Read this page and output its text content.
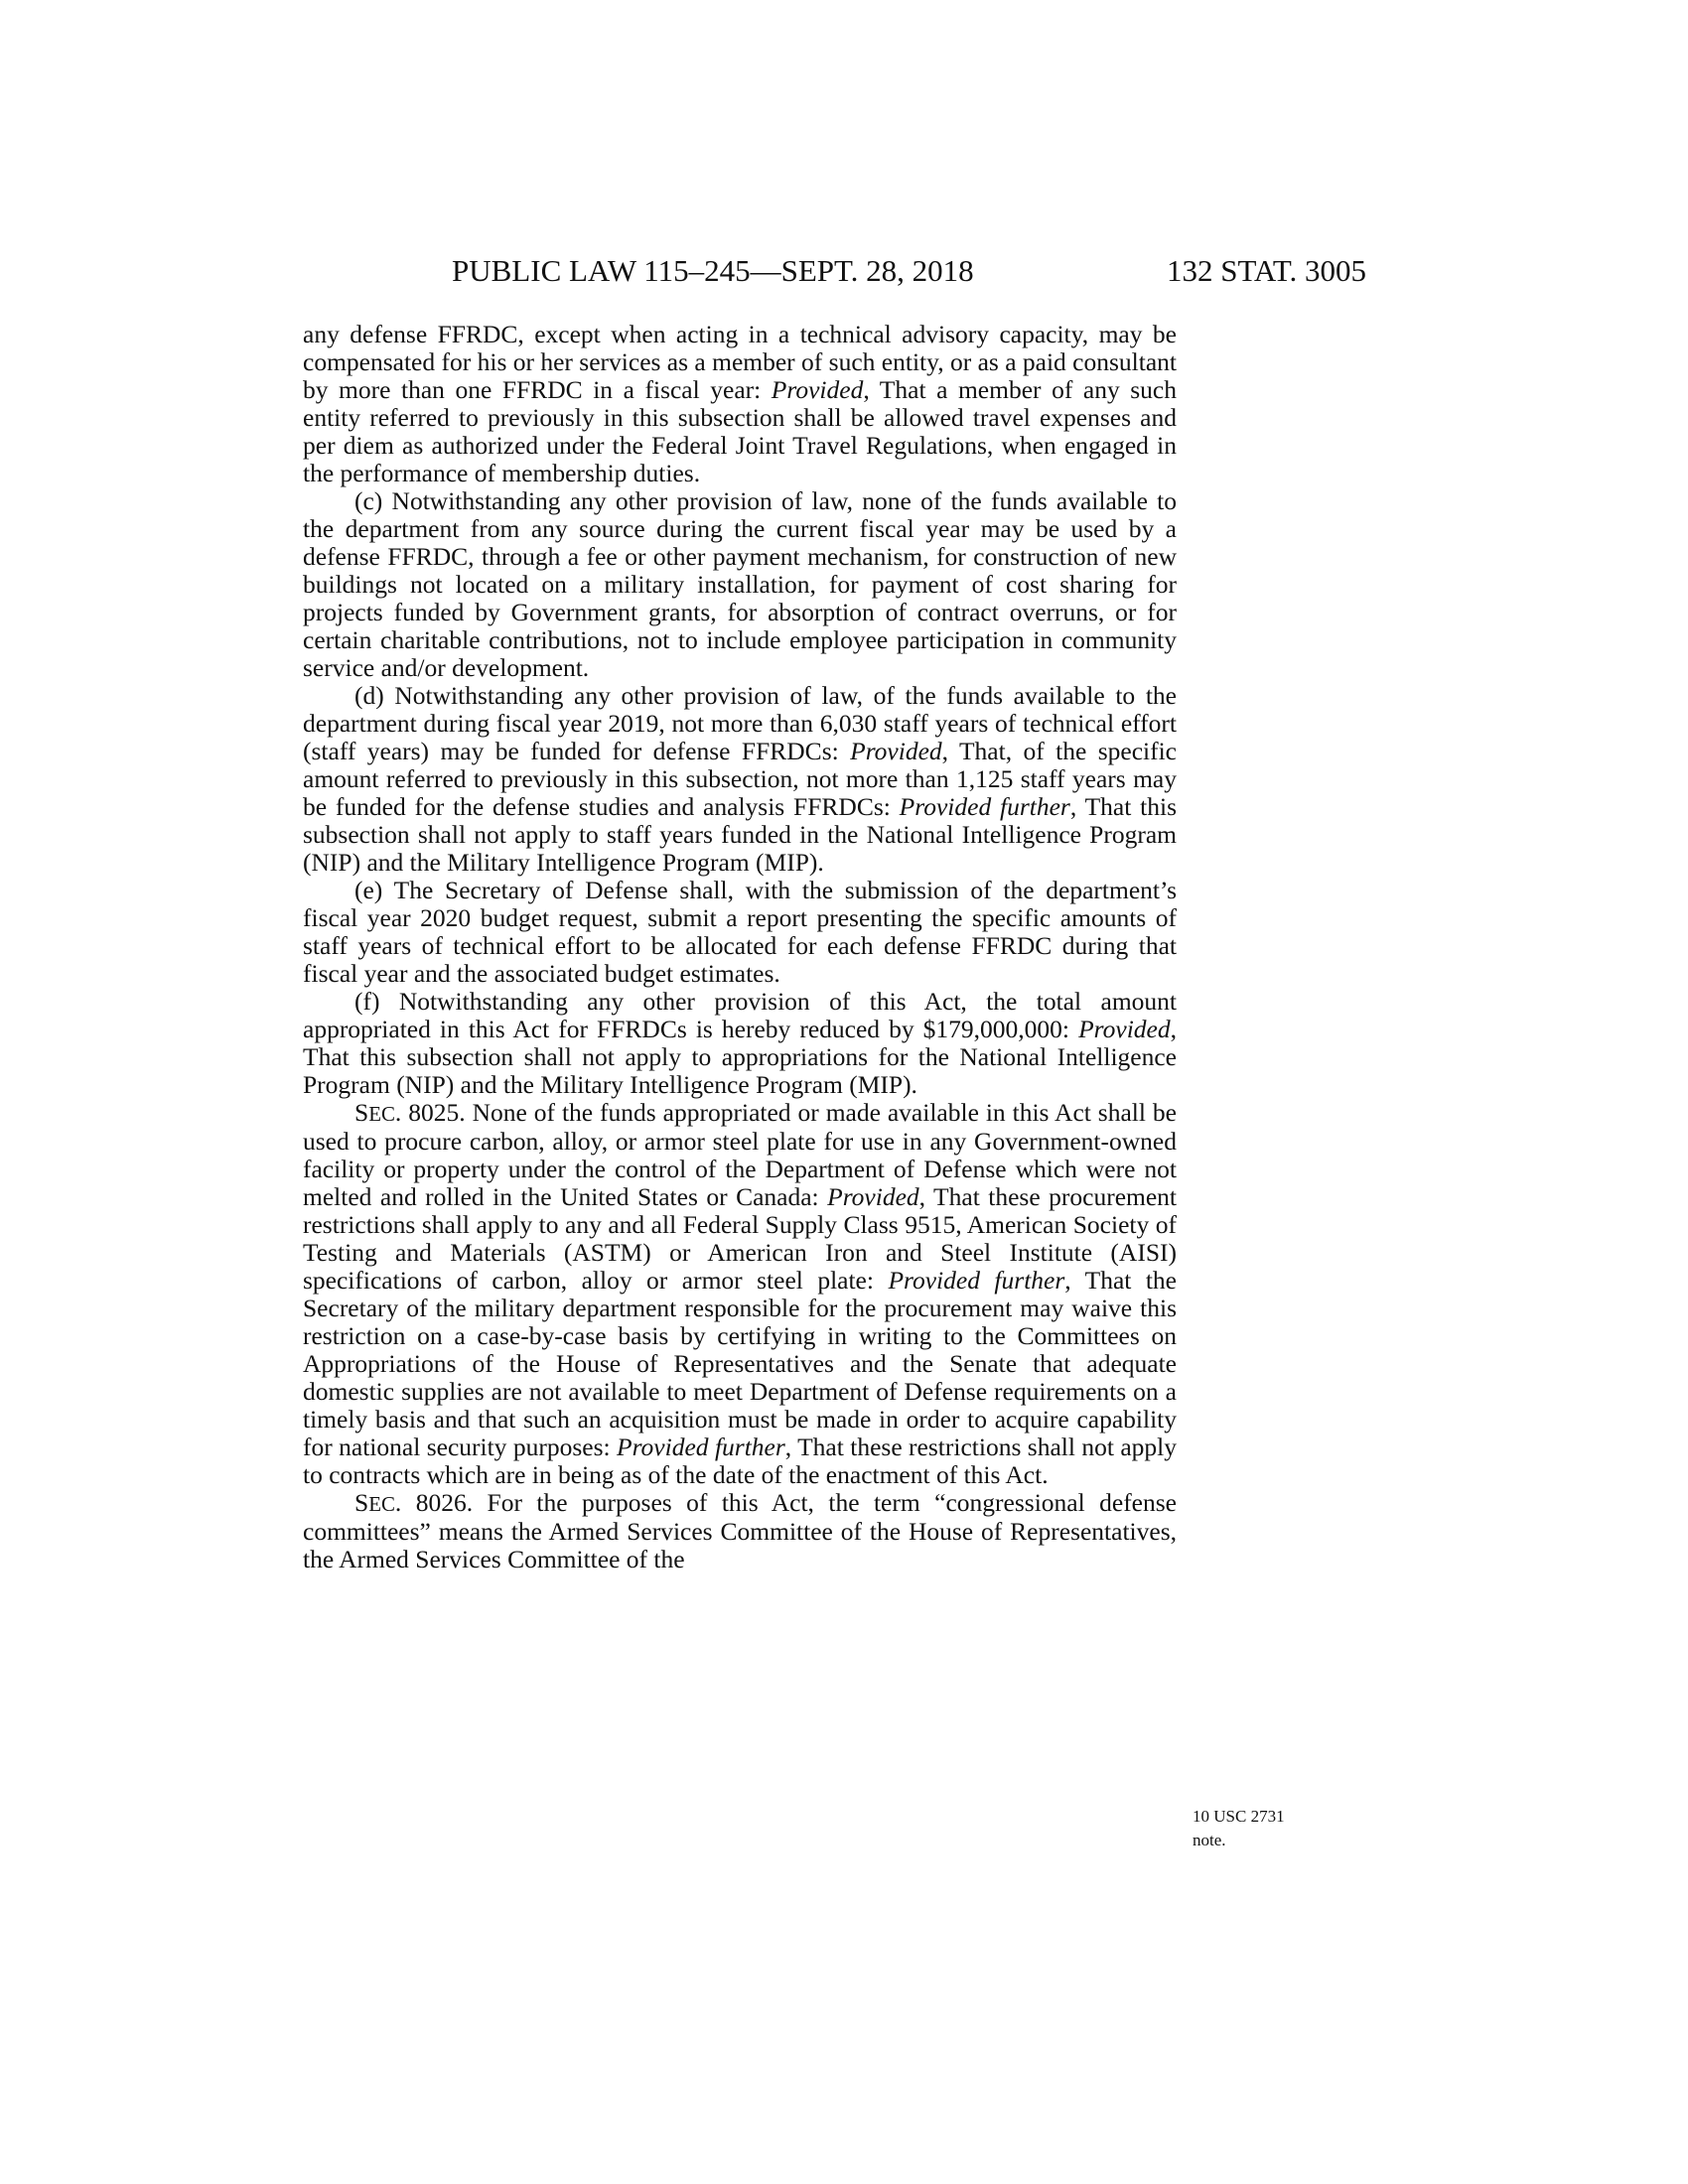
PUBLIC LAW 115–245—SEPT. 28, 2018	132 STAT. 3005

any defense FFRDC, except when acting in a technical advisory capacity, may be compensated for his or her services as a member of such entity, or as a paid consultant by more than one FFRDC in a fiscal year: Provided, That a member of any such entity referred to previously in this subsection shall be allowed travel expenses and per diem as authorized under the Federal Joint Travel Regulations, when engaged in the performance of membership duties.

(c) Notwithstanding any other provision of law, none of the funds available to the department from any source during the current fiscal year may be used by a defense FFRDC, through a fee or other payment mechanism, for construction of new buildings not located on a military installation, for payment of cost sharing for projects funded by Government grants, for absorption of contract overruns, or for certain charitable contributions, not to include employee participation in community service and/or development.

(d) Notwithstanding any other provision of law, of the funds available to the department during fiscal year 2019, not more than 6,030 staff years of technical effort (staff years) may be funded for defense FFRDCs: Provided, That, of the specific amount referred to previously in this subsection, not more than 1,125 staff years may be funded for the defense studies and analysis FFRDCs: Provided further, That this subsection shall not apply to staff years funded in the National Intelligence Program (NIP) and the Military Intelligence Program (MIP).

(e) The Secretary of Defense shall, with the submission of the department’s fiscal year 2020 budget request, submit a report presenting the specific amounts of staff years of technical effort to be allocated for each defense FFRDC during that fiscal year and the associated budget estimates.

(f) Notwithstanding any other provision of this Act, the total amount appropriated in this Act for FFRDCs is hereby reduced by $179,000,000: Provided, That this subsection shall not apply to appropriations for the National Intelligence Program (NIP) and the Military Intelligence Program (MIP).

SEC. 8025. None of the funds appropriated or made available in this Act shall be used to procure carbon, alloy, or armor steel plate for use in any Government-owned facility or property under the control of the Department of Defense which were not melted and rolled in the United States or Canada: Provided, That these procurement restrictions shall apply to any and all Federal Supply Class 9515, American Society of Testing and Materials (ASTM) or American Iron and Steel Institute (AISI) specifications of carbon, alloy or armor steel plate: Provided further, That the Secretary of the military department responsible for the procurement may waive this restriction on a case-by-case basis by certifying in writing to the Committees on Appropriations of the House of Representatives and the Senate that adequate domestic supplies are not available to meet Department of Defense requirements on a timely basis and that such an acquisition must be made in order to acquire capability for national security purposes: Provided further, That these restrictions shall not apply to contracts which are in being as of the date of the enactment of this Act.

SEC. 8026. For the purposes of this Act, the term “congressional defense committees” means the Armed Services Committee of the House of Representatives, the Armed Services Committee of the

10 USC 2731
note.
